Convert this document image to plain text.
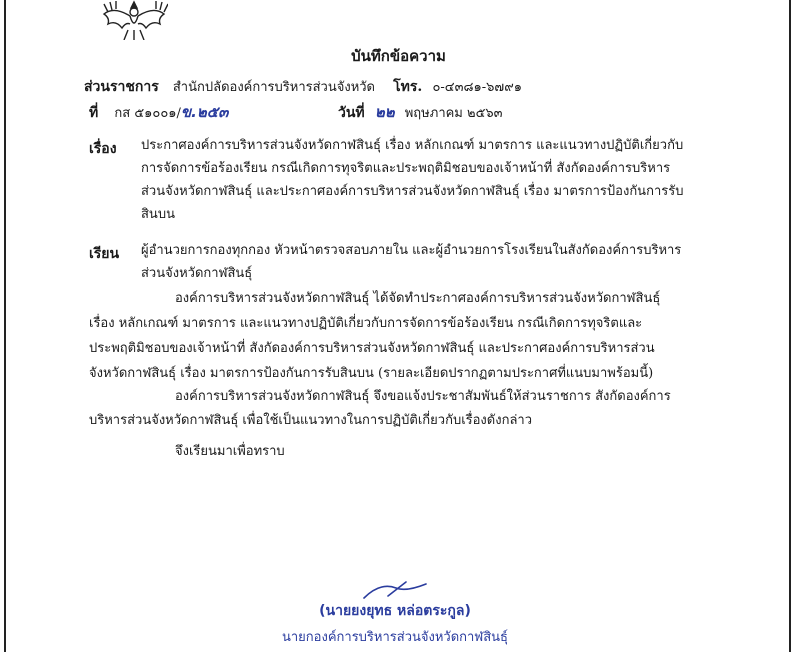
บันทึกข้อความ
ส่วนราชการ สำนักปลัดองค์การบริหารส่วนจังหวัด โทร. ๐-๔๓๘๑-๖๗๙๑
ที่ กส ๕๑๐๐๑/ข.๒๕๓	วันที่ ๒๒ พฤษภาคม ๒๕๖๓
เรื่อง ประกาศองค์การบริหารส่วนจังหวัดกาฬสินธุ์ เรื่อง หลักเกณฑ์ มาตรการ และแนวทางปฏิบัติเกี่ยวกับ
การจัดการข้อร้องเรียน กรณีเกิดการทุจริตและประพฤติมิชอบของเจ้าหน้าที่ สังกัดองค์การบริหาร
ส่วนจังหวัดกาฬสินธุ์ และประกาศองค์การบริหารส่วนจังหวัดกาฬสินธุ์ เรื่อง มาตรการป้องกันการรับ
สินบน
เรียน ผู้อำนวยการกองทุกกอง หัวหน้าตรวจสอบภายใน และผู้อำนวยการโรงเรียนในสังกัดองค์การบริหาร
ส่วนจังหวัดกาฬสินธุ์
องค์การบริหารส่วนจังหวัดกาฬสินธุ์ ได้จัดทำประกาศองค์การบริหารส่วนจังหวัดกาฬสินธุ์
เรื่อง หลักเกณฑ์ มาตรการ และแนวทางปฏิบัติเกี่ยวกับการจัดการข้อร้องเรียน กรณีเกิดการทุจริตและ
ประพฤติมิชอบของเจ้าหน้าที่ สังกัดองค์การบริหารส่วนจังหวัดกาฬสินธุ์ และประกาศองค์การบริหารส่วน
จังหวัดกาฬสินธุ์ เรื่อง มาตรการป้องกันการรับสินบน (รายละเอียดปรากฏตามประกาศที่แนบมาพร้อมนี้)
องค์การบริหารส่วนจังหวัดกาฬสินธุ์ จึงขอแจ้งประชาสัมพันธ์ให้ส่วนราชการ สังกัดองค์การ
บริหารส่วนจังหวัดกาฬสินธุ์ เพื่อใช้เป็นแนวทางในการปฏิบัติเกี่ยวกับเรื่องดังกล่าว
จึงเรียนมาเพื่อทราบ
(นายยงยุทธ หล่อตระกูล)
นายกองค์การบริหารส่วนจังหวัดกาฬสินธุ์
